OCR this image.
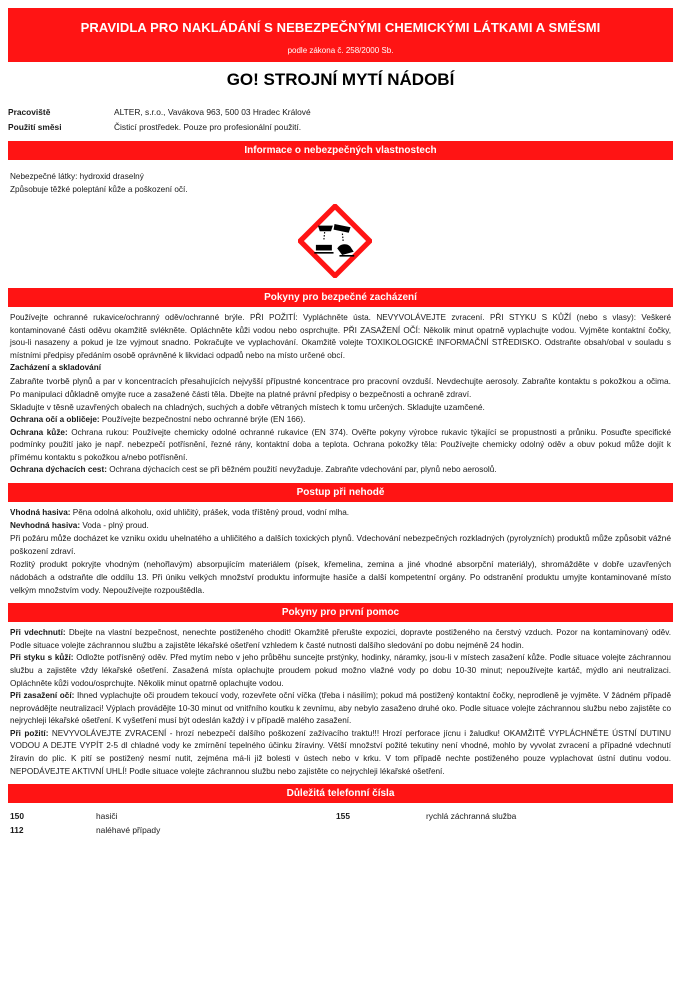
PRAVIDLA PRO NAKLÁDÁNÍ S NEBEZPEČNÝMI CHEMICKÝMI LÁTKAMI A SMĚSMI
podle zákona č. 258/2000 Sb.
GO! STROJNÍ MYTÍ NÁDOBÍ
Pracoviště	ALTER, s.r.o., Vavákova 963, 500 03 Hradec Králové
Použití směsi	Čisticí prostředek. Pouze pro profesionální použití.
Informace o nebezpečných vlastnostech

Nebezpečné látky: hydroxid draselný

Způsobuje těžké poleptání kůže a poškození očí.

Pokyny pro bezpečné zacházení

Používejte ochranné rukavice/ochranný oděv/ochranné brýle. PŘI POŽITÍ: Vypláchněte ústa. NEVYVOLÁVEJTE zvracení. PŘI STYKU S KŮŽÍ (nebo s vlasy): Veškeré kontaminované části oděvu okamžitě svlékněte. Opláchněte kůži vodou nebo osprchujte. PŘI ZASAŽENÍ OČÍ: Několik minut opatrně vyplachujte vodou. Vyjměte kontaktní čočky, jsou-li nasazeny a pokud je lze vyjmout snadno. Pokračujte ve vyplachování. Okamžitě volejte TOXIKOLOGICKÉ INFORMAČNÍ STŘEDISKO. Odstraňte obsah/obal v souladu s místními předpisy předáním osobě oprávněné k likvidaci odpadů nebo na místo určené obcí.

Zacházení a skladování

Zabraňte tvorbě plynů a par v koncentracích přesahujících nejvyšší přípustné koncentrace pro pracovní ovzduší. Nevdechujte aerosoly. Zabraňte kontaktu s pokožkou a očima. Po manipulaci důkladně omyjte ruce a zasažené části těla. Dbejte na platné právní předpisy o bezpečnosti a ochraně zdraví.

Skladujte v těsně uzavřených obalech na chladných, suchých a dobře větraných místech k tomu určených. Skladujte uzamčené.

Ochrana očí a obličeje: Používejte bezpečnostní nebo ochranné brýle (EN 166).

Ochrana kůže: Ochrana rukou: Používejte chemicky odolné ochranné rukavice (EN 374). Ověřte pokyny výrobce rukavic týkající se propustnosti a průniku. Posuďte specifické podmínky použití jako je např. nebezpečí potřísnění, řezné rány, kontaktní doba a teplota. Ochrana pokožky těla: Používejte chemicky odolný oděv a obuv pokud může dojít k přímému kontaktu s pokožkou a/nebo potřísnění.

Ochrana dýchacích cest: Ochrana dýchacích cest se při běžném použití nevyžaduje. Zabraňte vdechování par, plynů nebo aerosolů.

Postup při nehodě

Vhodná hasiva: Pěna odolná alkoholu, oxid uhličitý, prášek, voda tříštěný proud, vodní mlha.

Nevhodná hasiva: Voda - plný proud.

Při požáru může docházet ke vzniku oxidu uhelnatého a uhličitého a dalších toxických plynů. Vdechování nebezpečných rozkladných (pyrolyzních) produktů může způsobit vážné poškození zdraví.

Rozlitý produkt pokryjte vhodným (nehořlavým) absorpujícím materiálem (písek, křemelina, zemina a jiné vhodné absorpční materiály), shromážděte v dobře uzavřených nádobách a odstraňte dle oddílu 13. Při úniku velkých množství produktu informujte hasiče a další kompetentní orgány. Po odstranění produktu umyjte kontaminované místo velkým množstvím vody. Nepoužívejte rozpouštědla.

Pokyny pro první pomoc

Při vdechnutí: Dbejte na vlastní bezpečnost, nenechte postiženého chodit! Okamžitě přerušte expozici, dopravte postiženého na čerstvý vzduch. Pozor na kontaminovaný oděv. Podle situace volejte záchrannou službu a zajistěte lékařské ošetření vzhledem k časté nutnosti dalšího sledování po dobu nejméně 24 hodin.

Při styku s kůží: Odložte potřísněný oděv. Před mytím nebo v jeho průběhu suncejte prstýnky, hodinky, náramky, jsou-li v místech zasažení kůže. Podle situace volejte záchrannou službu a zajistěte vždy lékařské ošetření. Zasažená místa oplachujte proudem pokud možno vlažné vody po dobu 10-30 minut; nepoužívejte kartáč, mýdlo ani neutralizaci. Opláchněte kůži vodou/osprchujte. Několik minut opatrně oplachujte vodou.

Při zasažení očí: Ihned vyplachujte oči proudem tekoucí vody, rozevřete oční víčka (třeba i násilím); pokud má postižený kontaktní čočky, neprodleně je vyjměte. V žádném případě neprovádějte neutralizaci! Výplach provádějte 10-30 minut od vnitřního koutku k zevnímu, aby nebylo zasaženo druhé oko. Podle situace volejte záchrannou službu nebo zajistěte co nejrychleji lékařské ošetření. K vyšetření musí být odeslán každý i v případě malého zasažení.

Při požití: NEVYVOLÁVEJTE ZVRACENÍ - hrozí nebezpečí dalšího poškození zažívacího traktu!!! Hrozí perforace jícnu i žaludku! OKAMŽITĚ VYPLÁCHNĚTE ÚSTNÍ DUTINU VODOU A DEJTE VYPÍT 2-5 dl chladné vody ke zmírnění tepelného účinku žíraviny. Větší množství požité tekutiny není vhodné, mohlo by vyvolat zvracení a případné vdechnutí žíravin do plic. K pití se postižený nesmí nutit, zejména má-li již bolesti v ústech nebo v krku. V tom případě nechte postiženého pouze vyplachovat ústní dutinu vodou. NEPODÁVEJTE AKTIVNÍ UHLÍ! Podle situace volejte záchrannou službu nebo zajistěte co nejrychleji lékařské ošetření.

Důležitá telefonní čísla
150	hasiči	155	rychlá záchranná služba
112	naléhavé případy
